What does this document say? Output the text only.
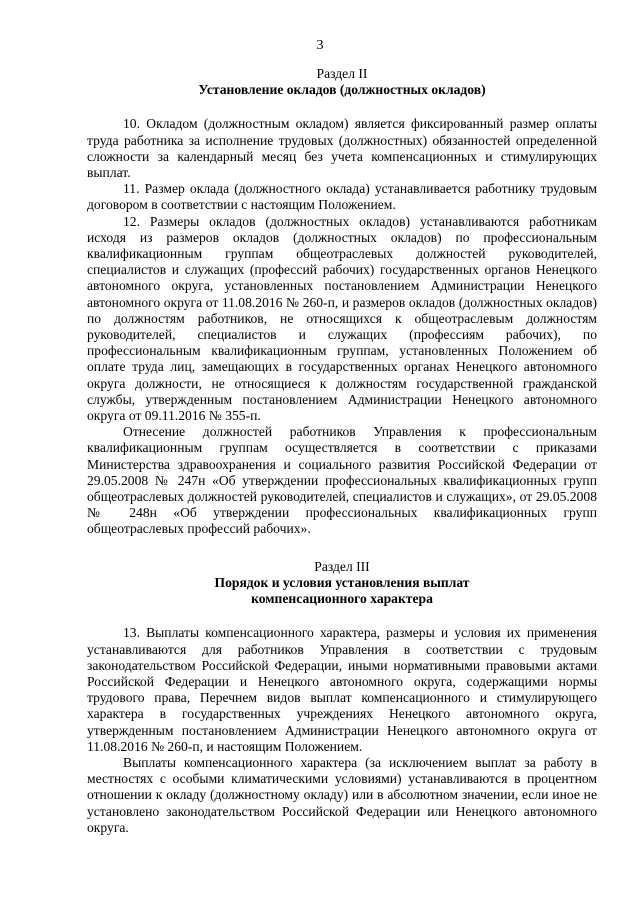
3

Раздел II

Установление окладов (должностных окладов)

10. Окладом (должностным окладом) является фиксированный размер оплаты труда работника за исполнение трудовых (должностных) обязанностей определенной сложности за календарный месяц без учета компенсационных и стимулирующих выплат.

11. Размер оклада (должностного оклада) устанавливается работнику трудовым договором в соответствии с настоящим Положением.

12. Размеры окладов (должностных окладов) устанавливаются работникам исходя из размеров окладов (должностных окладов) по профессиональным квалификационным группам общеотраслевых должностей руководителей, специалистов и служащих (профессий рабочих) государственных органов Ненецкого автономного округа, установленных постановлением Администрации Ненецкого автономного округа от 11.08.2016 № 260-п, и размеров окладов (должностных окладов) по должностям работников, не относящихся к общеотраслевым должностям руководителей, специалистов и служащих (профессиям рабочих), по профессиональным квалификационным группам, установленных Положением об оплате труда лиц, замещающих в государственных органах Ненецкого автономного округа должности, не относящиеся к должностям государственной гражданской службы, утвержденным постановлением Администрации Ненецкого автономного округа от 09.11.2016 № 355-п.

Отнесение должностей работников Управления к профессиональным квалификационным группам осуществляется в соответствии с приказами Министерства здравоохранения и социального развития Российской Федерации от 29.05.2008 № 247н «Об утверждении профессиональных квалификационных групп общеотраслевых должностей руководителей, специалистов и служащих», от 29.05.2008 № 248н «Об утверждении профессиональных квалификационных групп общеотраслевых профессий рабочих».

Раздел III

Порядок и условия установления выплат

компенсационного характера

13. Выплаты компенсационного характера, размеры и условия их применения устанавливаются для работников Управления в соответствии с трудовым законодательством Российской Федерации, иными нормативными правовыми актами Российской Федерации и Ненецкого автономного округа, содержащими нормы трудового права, Перечнем видов выплат компенсационного и стимулирующего характера в государственных учреждениях Ненецкого автономного округа, утвержденным постановлением Администрации Ненецкого автономного округа от 11.08.2016 № 260-п, и настоящим Положением.

Выплаты компенсационного характера (за исключением выплат за работу в местностях с особыми климатическими условиями) устанавливаются в процентном отношении к окладу (должностному окладу) или в абсолютном значении, если иное не установлено законодательством Российской Федерации или Ненецкого автономного округа.
